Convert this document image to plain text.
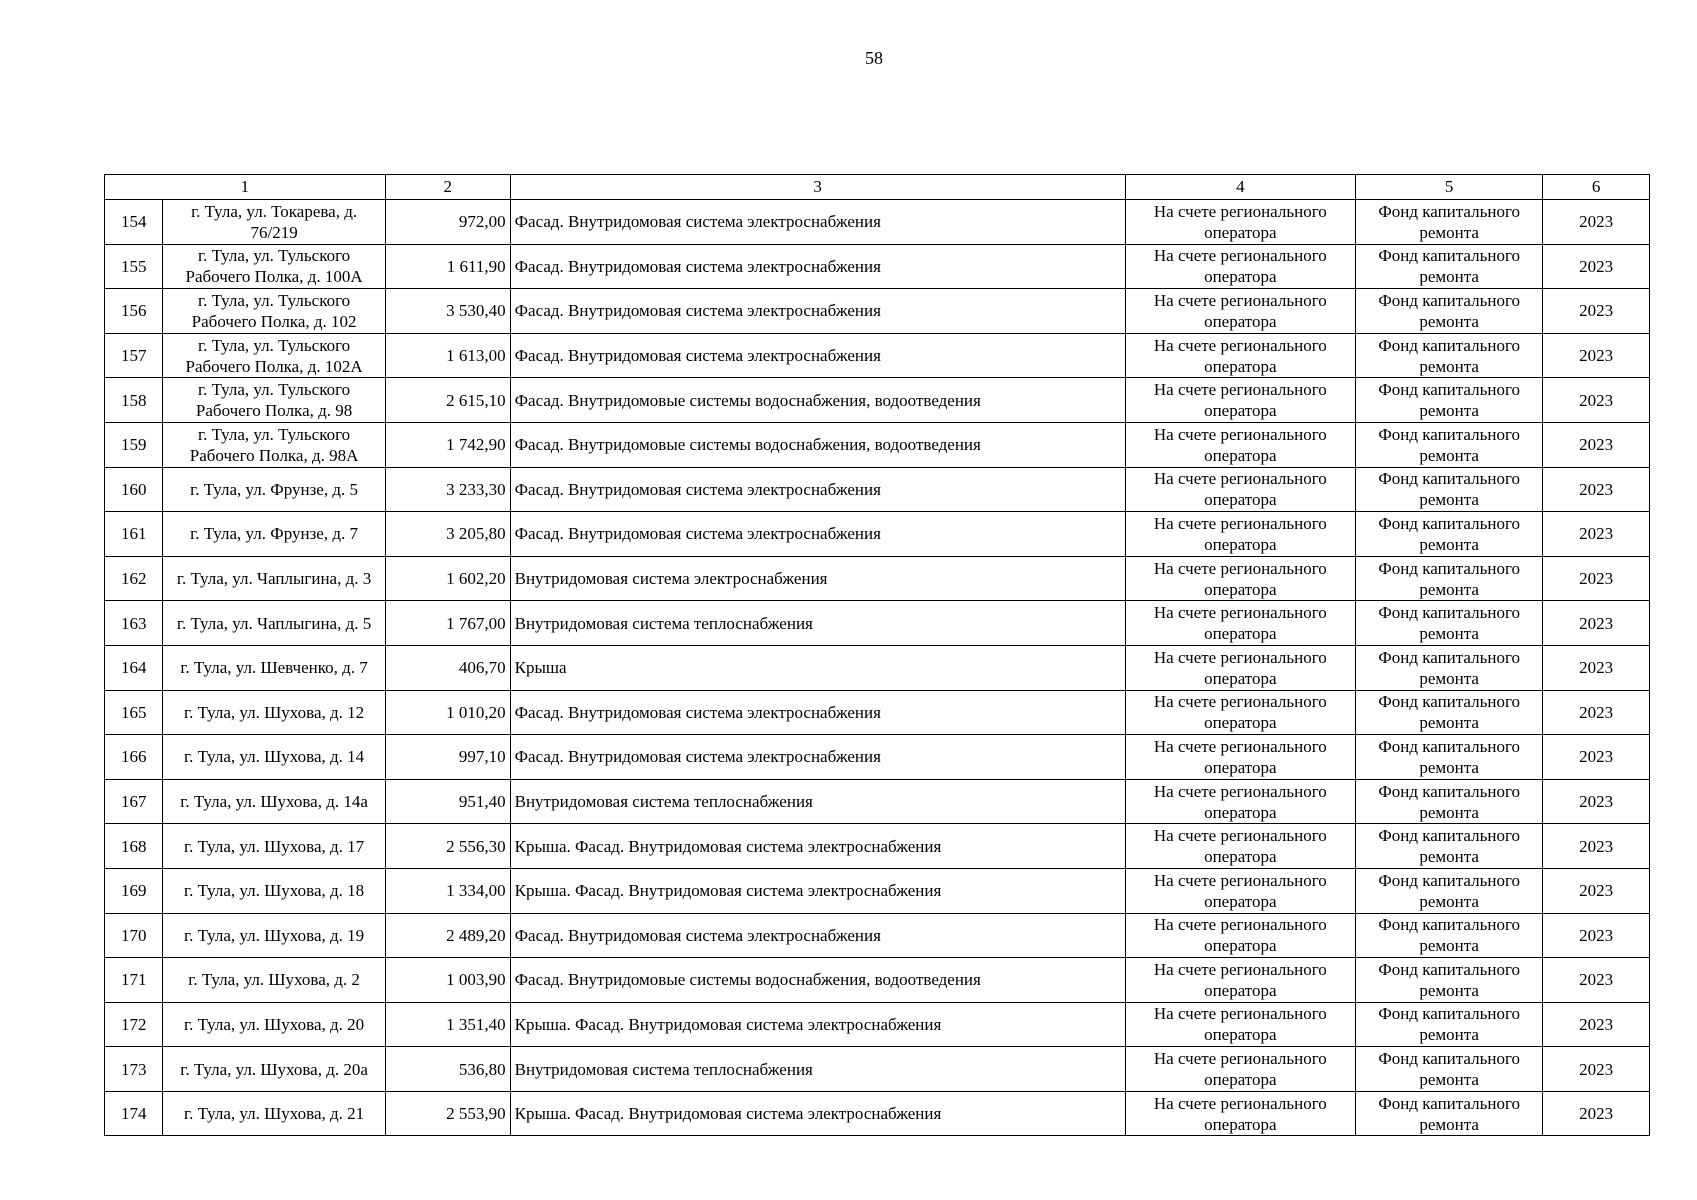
58
1		2	3	4	5	6
154	г. Тула, ул. Токарева, д. 76/219	972,00	Фасад. Внутридомовая система электроснабжения	На счете регионального оператора	Фонд капитального ремонта	2023
155	г. Тула, ул. Тульского Рабочего Полка, д. 100А	1 611,90	Фасад. Внутридомовая система электроснабжения	На счете регионального оператора	Фонд капитального ремонта	2023
156	г. Тула, ул. Тульского Рабочего Полка, д. 102	3 530,40	Фасад. Внутридомовая система электроснабжения	На счете регионального оператора	Фонд капитального ремонта	2023
157	г. Тула, ул. Тульского Рабочего Полка, д. 102А	1 613,00	Фасад. Внутридомовая система электроснабжения	На счете регионального оператора	Фонд капитального ремонта	2023
158	г. Тула, ул. Тульского Рабочего Полка, д. 98	2 615,10	Фасад. Внутридомовые системы водоснабжения, водоотведения	На счете регионального оператора	Фонд капитального ремонта	2023
159	г. Тула, ул. Тульского Рабочего Полка, д. 98А	1 742,90	Фасад. Внутридомовые системы водоснабжения, водоотведения	На счете регионального оператора	Фонд капитального ремонта	2023
160	г. Тула, ул. Фрунзе, д. 5	3 233,30	Фасад. Внутридомовая система электроснабжения	На счете регионального оператора	Фонд капитального ремонта	2023
161	г. Тула, ул. Фрунзе, д. 7	3 205,80	Фасад. Внутридомовая система электроснабжения	На счете регионального оператора	Фонд капитального ремонта	2023
162	г. Тула, ул. Чаплыгина, д. 3	1 602,20	Внутридомовая система электроснабжения	На счете регионального оператора	Фонд капитального ремонта	2023
163	г. Тула, ул. Чаплыгина, д. 5	1 767,00	Внутридомовая система теплоснабжения	На счете регионального оператора	Фонд капитального ремонта	2023
164	г. Тула, ул. Шевченко, д. 7	406,70	Крыша	На счете регионального оператора	Фонд капитального ремонта	2023
165	г. Тула, ул. Шухова, д. 12	1 010,20	Фасад. Внутридомовая система электроснабжения	На счете регионального оператора	Фонд капитального ремонта	2023
166	г. Тула, ул. Шухова, д. 14	997,10	Фасад. Внутридомовая система электроснабжения	На счете регионального оператора	Фонд капитального ремонта	2023
167	г. Тула, ул. Шухова, д. 14а	951,40	Внутридомовая система теплоснабжения	На счете регионального оператора	Фонд капитального ремонта	2023
168	г. Тула, ул. Шухова, д. 17	2 556,30	Крыша. Фасад. Внутридомовая система электроснабжения	На счете регионального оператора	Фонд капитального ремонта	2023
169	г. Тула, ул. Шухова, д. 18	1 334,00	Крыша. Фасад. Внутридомовая система электроснабжения	На счете регионального оператора	Фонд капитального ремонта	2023
170	г. Тула, ул. Шухова, д. 19	2 489,20	Фасад. Внутридомовая система электроснабжения	На счете регионального оператора	Фонд капитального ремонта	2023
171	г. Тула, ул. Шухова, д. 2	1 003,90	Фасад. Внутридомовые системы водоснабжения, водоотведения	На счете регионального оператора	Фонд капитального ремонта	2023
172	г. Тула, ул. Шухова, д. 20	1 351,40	Крыша. Фасад. Внутридомовая система электроснабжения	На счете регионального оператора	Фонд капитального ремонта	2023
173	г. Тула, ул. Шухова, д. 20а	536,80	Внутридомовая система теплоснабжения	На счете регионального оператора	Фонд капитального ремонта	2023
174	г. Тула, ул. Шухова, д. 21	2 553,90	Крыша. Фасад. Внутридомовая система электроснабжения	На счете регионального оператора	Фонд капитального ремонта	2023
